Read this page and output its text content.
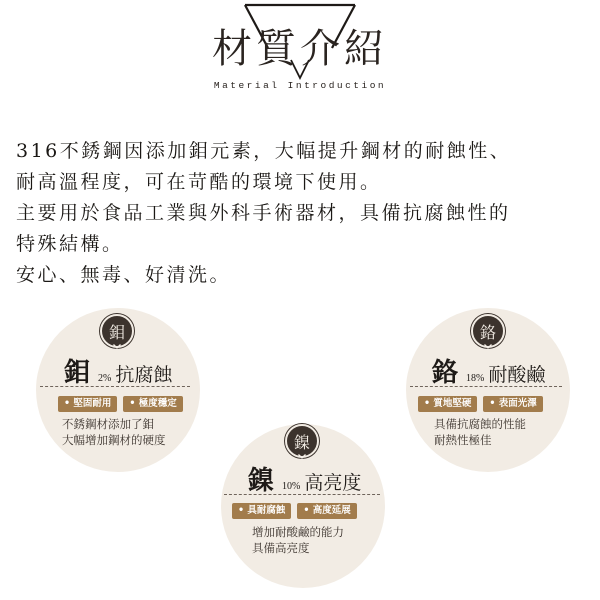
材質介紹
Material Introduction
316不銹鋼因添加鉬元素，大幅提升鋼材的耐蝕性、
耐高溫程度，可在苛酷的環境下使用。
主要用於食品工業與外科手術器材，具備抗腐蝕性的
特殊結構。
安心、無毒、好清洗。
鉬
鉬 2% 抗腐蝕
• 堅固耐用	• 極度穩定
不銹鋼材添加了鉬
大幅增加鋼材的硬度
鉻
鉻 18% 耐酸鹼
• 質地堅硬	• 表面光澤
具備抗腐蝕的性能
耐熱性極佳
鎳
鎳 10% 高亮度
• 具耐腐蝕	• 高度延展
增加耐酸鹼的能力
具備高亮度
